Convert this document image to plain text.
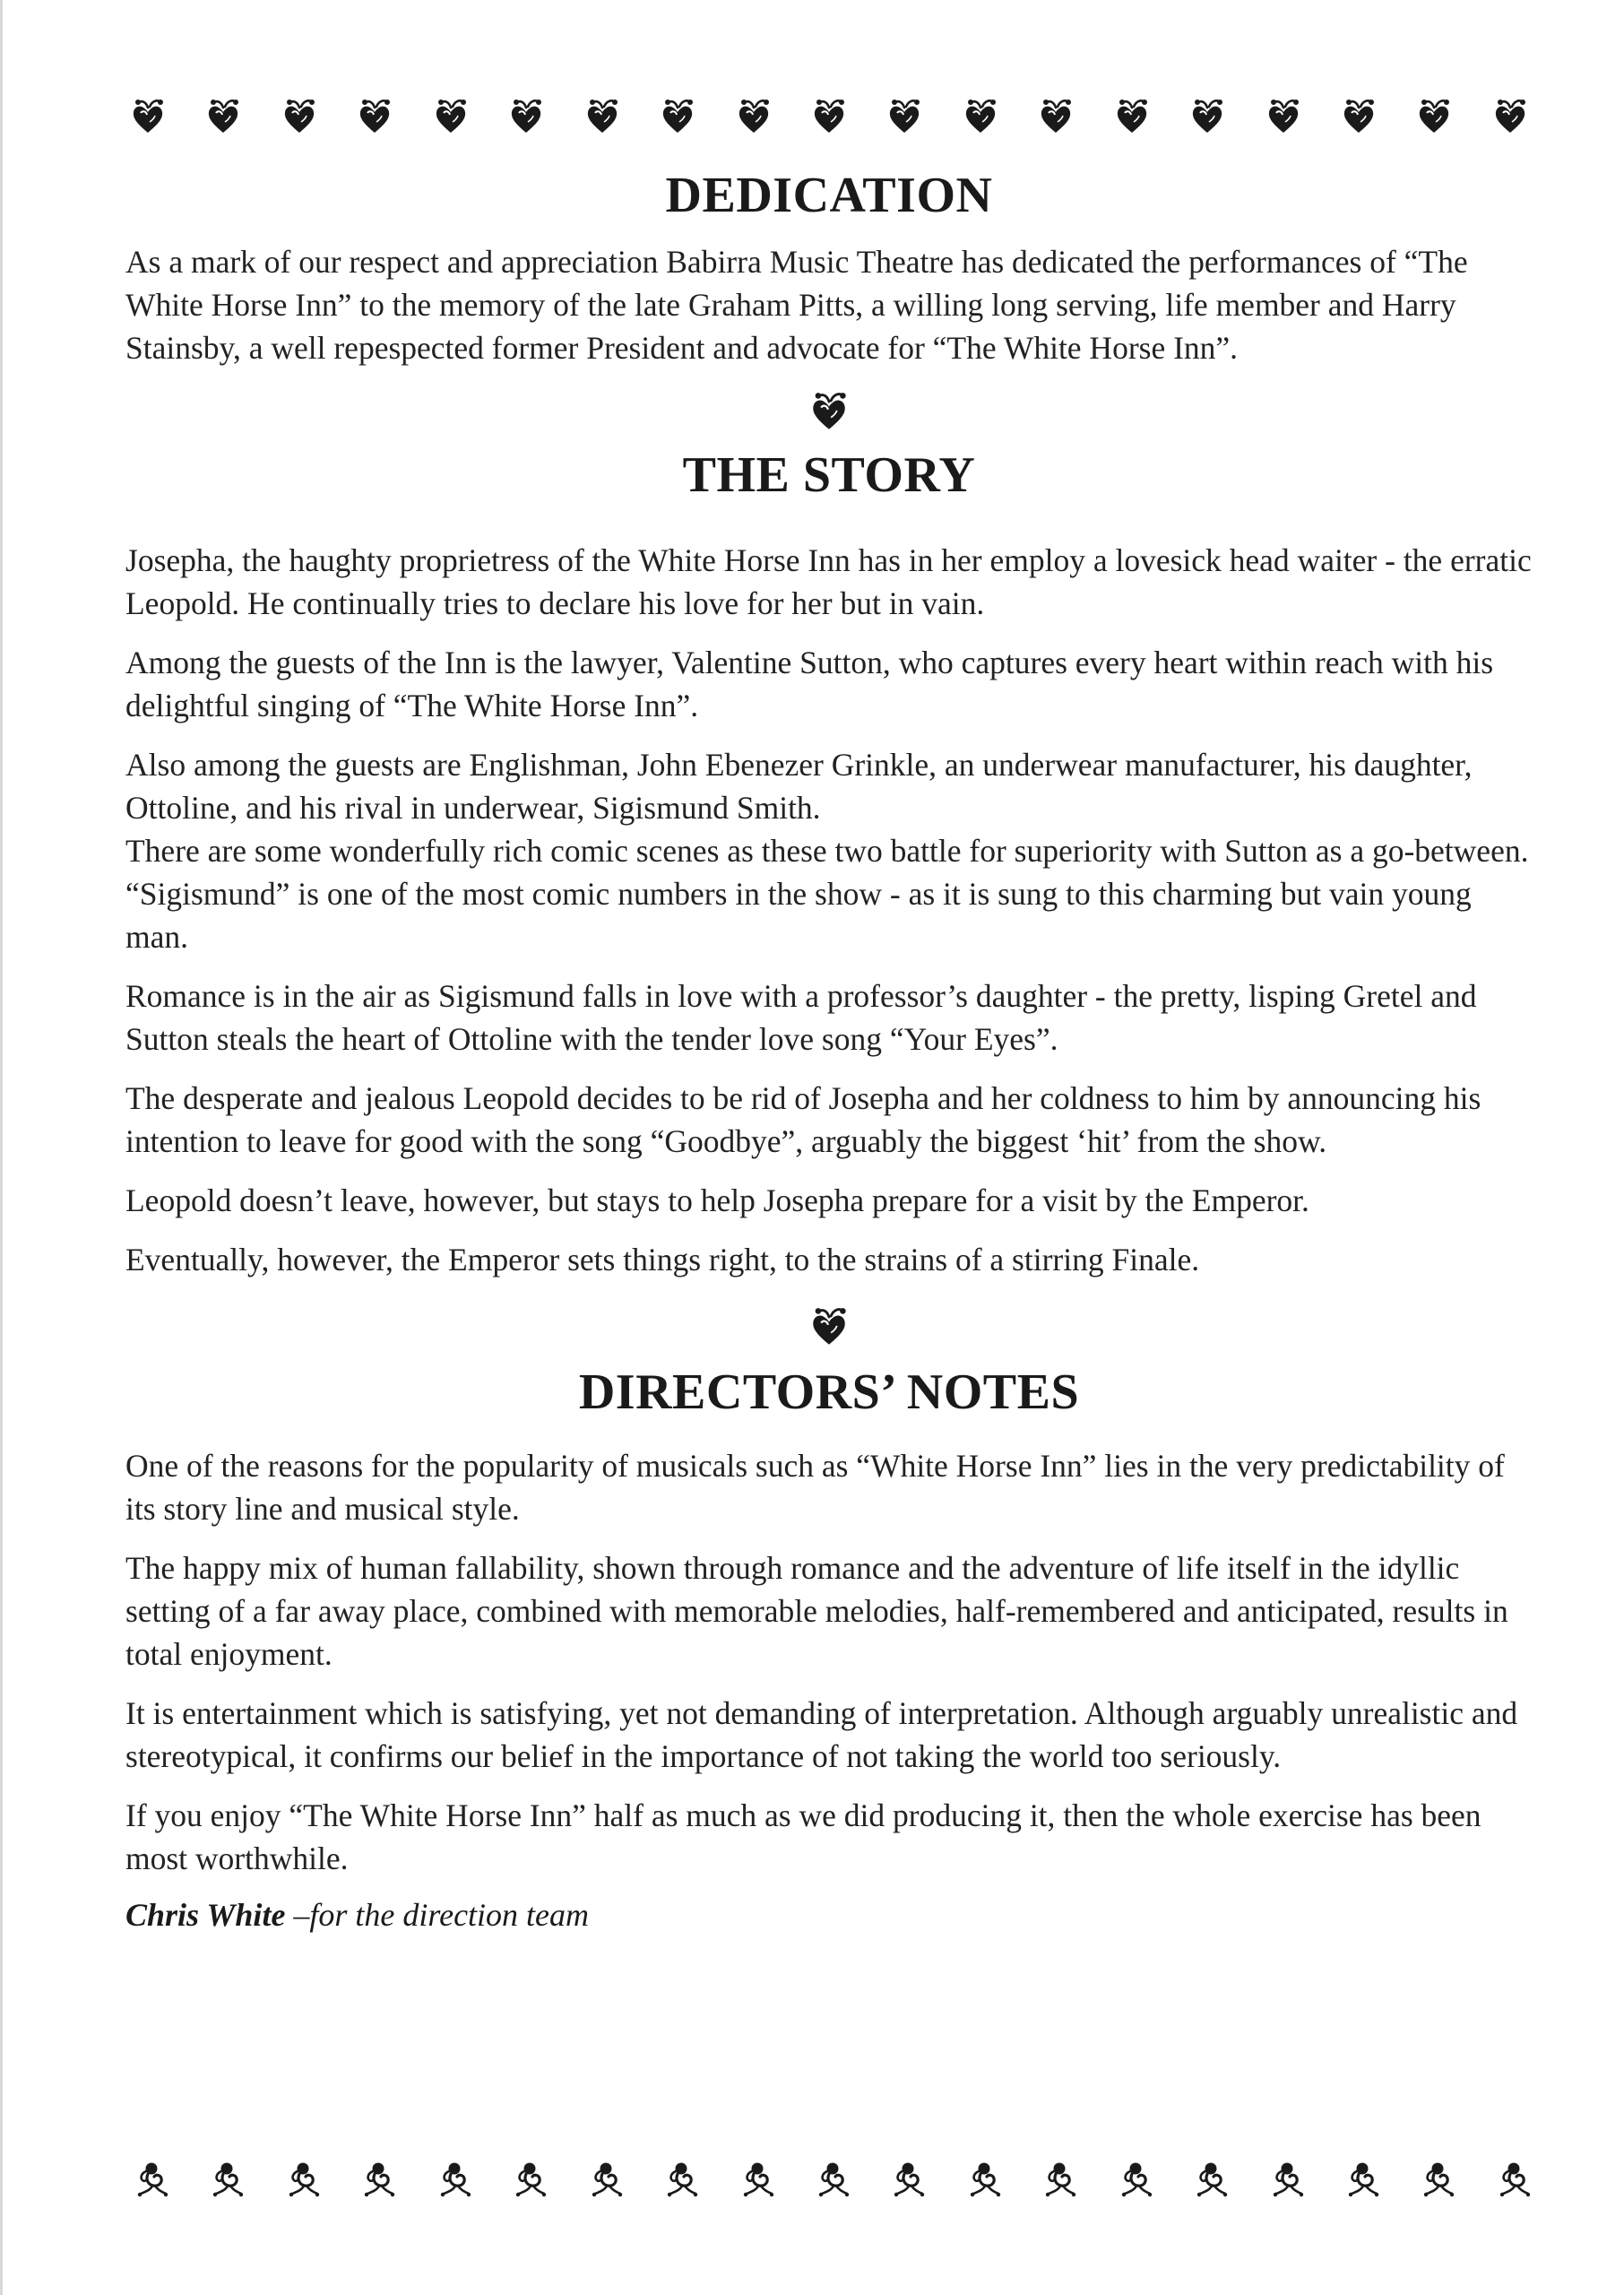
DEDICATION

As a mark of our respect and appreciation Babirra Music Theatre has dedicated the performances of “The White Horse Inn” to the memory of the late Graham Pitts, a willing long serving, life member and Harry Stainsby, a well repespected former President and advocate for “The White Horse Inn”.

THE STORY

Josepha, the haughty proprietress of the White Horse Inn has in her employ a lovesick head waiter - the erratic Leopold. He continually tries to declare his love for her but in vain.

Among the guests of the Inn is the lawyer, Valentine Sutton, who captures every heart within reach with his delightful singing of “The White Horse Inn”.

Also among the guests are Englishman, John Ebenezer Grinkle, an underwear manufacturer, his daughter, Ottoline, and his rival in underwear, Sigismund Smith.

There are some wonderfully rich comic scenes as these two battle for superiority with Sutton as a go-between. “Sigismund” is one of the most comic numbers in the show - as it is sung to this charming but vain young man.

Romance is in the air as Sigismund falls in love with a professor’s daughter - the pretty, lisping Gretel and Sutton steals the heart of Ottoline with the tender love song “Your Eyes”.

The desperate and jealous Leopold decides to be rid of Josepha and her coldness to him by announcing his intention to leave for good with the song “Goodbye”, arguably the biggest ‘hit’ from the show.

Leopold doesn’t leave, however, but stays to help Josepha prepare for a visit by the Emperor.

Eventually, however, the Emperor sets things right, to the strains of a stirring Finale.

DIRECTORS’ NOTES

One of the reasons for the popularity of musicals such as “White Horse Inn” lies in the very predictability of its story line and musical style.

The happy mix of human fallability, shown through romance and the adventure of life itself in the idyllic setting of a far away place, combined with memorable melodies, half-remembered and anticipated, results in total enjoyment.

It is entertainment which is satisfying, yet not demanding of interpretation. Although arguably unrealistic and stereotypical, it confirms our belief in the importance of not taking the world too seriously.

If you enjoy “The White Horse Inn” half as much as we did producing it, then the whole exercise has been most worthwhile.

Chris White –for the direction team
